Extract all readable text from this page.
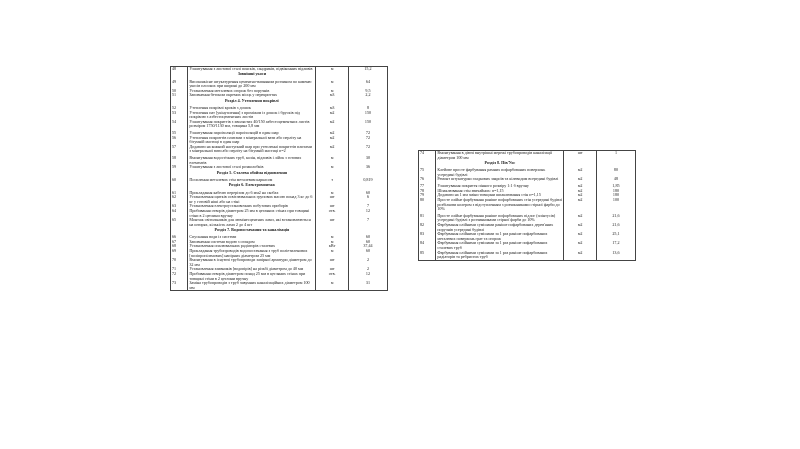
48	Улаштування з листової сталі поясків, сандриків, підвіконних відливів	м	15,2
	Зовнішні укоси		

49	Високоякісне штукатурення цементно-вапняним розчином по каменю укосів плоских при ширині до 200 мм	м	64
50	Установлення металевих огорож без поручнів	м	9,5
51	Заповнення бетоном окремих місць у перекриттях	м3	2,2
	Розділ 4. Утеплення покрівлі		

52	Утеплення покрівлі кроків з дошок	м3	8
53	Утеплення пат [укінуплення] з проміжом із дошок і брусків під покрівлю з азбестоцементних листів	м2	150
54	Улаштування покриттів з хвилястих 40/150 азбестоцементних листів розміром 1750/1130 мм, товщина 5,8 мм	м2	150

55	Улаштування пароізоляції пароізоляцій в один шар	м2	72
56	Утеплення покриттів плитами з мінеральної вати або перліту на бітумній мастиці в один шар	м2	72
57	Додавати на кожний наступний шар при утепленні покриттів плитами з мінеральної вати або перліту на бітумній мастиці п=2	м2	72

58	Вмонтування водостічних труб, колін, відливів і лійок з готових елементів	м	30
59	Улаштування з листової сталі розжолобків	м	36
	Розділ 5. Сталева обойма відновлення		

60	Посилення металевих стін металевим каркасом	т	0,819
	Розділ 6. Електромонтаж		

61	Прокладання кабелю перерізом до 6 мм2 на скобах	м	60
62	Установлення щитків освітлювальних групових масою понад 3 кг до 6 кг у готовій ніші або на стіні	шт	6
63	Установлення електроустановочних побутових приборів	шт	7
64	Пробивання отворів діаметром 25 мм в цегляних стінах при товщині стіни в 2 цеглини вручну	отв.	12
65	Монтаж світильників для люмінесцентних ламп, які встановлюються на штирях, кількість ламп 2 до 4 шт	шт	7
	Розділ 7. Водопостачання та каналізація		

66	Спускання води із системи	м	60
67	Заповнення системи водою з оглядом	м	60
68	Установлення опалювальних радіаторів сталевих	кВт	37,44
69	Прокладання трубопроводів водопостачання з труб поліетиленових [поліпропіленових] напірних діаметром 25 мм	м	60
70	Вмонтування в існуючі трубопроводи запірної арматури діаметром до 32 мм	шт	2
71	Установлення зливників [водопірів] на різьбі діаметром до 40 мм	шт	2
72	Пробивання отворів діаметром понад 25 мм в цегляних стінах при товщині стіни в 2 цеглини вручну	отв.	12
73	Заміна трубопроводів з труб чавунних каналізаційних діаметром 100 мм	м	31
74	Вмонтування в діючі внутрішні мережі трубопроводів каналізації діаметром 100 мм	шт	1
	Розділ 8. Пів'Уос		

75	Клейове просте фарбування рамних пофарбованих поверхонь усередині будівлі	м2	80
76	Ремонт штукатурки гладкових закроїв та кілевидим всередині будівлі	м2	48

77	Улаштування покриття пінного розміру 1:1 б вручну	м2	1,85
78	Шпаклювання стін звичайних: п=1,15	м2	180
79	Додавати на 1 мм зміни товщини шпаклювання стін п=1,15	м2	180
80	Просте олійне фарбування раніше пофарбованих стін усередині будівлі розбілкови колером з відступленням з розчинниками стірної фарби до 10%	м2	100

81	Просте олійне фарбування раніше пофарбованих підлог (плінтусів) усередині будівлі з розчинниками стірної фарби до 10%	м2	21,6
82	Фарбування олійними сумішами раніше пофарбованих дерев'яних поручнів усередині будівлі	м2	21,6
83	Фарбування олійними сумішами за 1 раз раніше пофарбованих металевих поверхонь грат та огорож	м2	25,1
84	Фарбування олійними сумішами за 1 раз раніше пофарбованих сталевих труб	м2	17,2
85	Фарбування олійними сумішами за 1 раз раніше пофарбованих радіаторів та ребристих труб	м2	13,6
